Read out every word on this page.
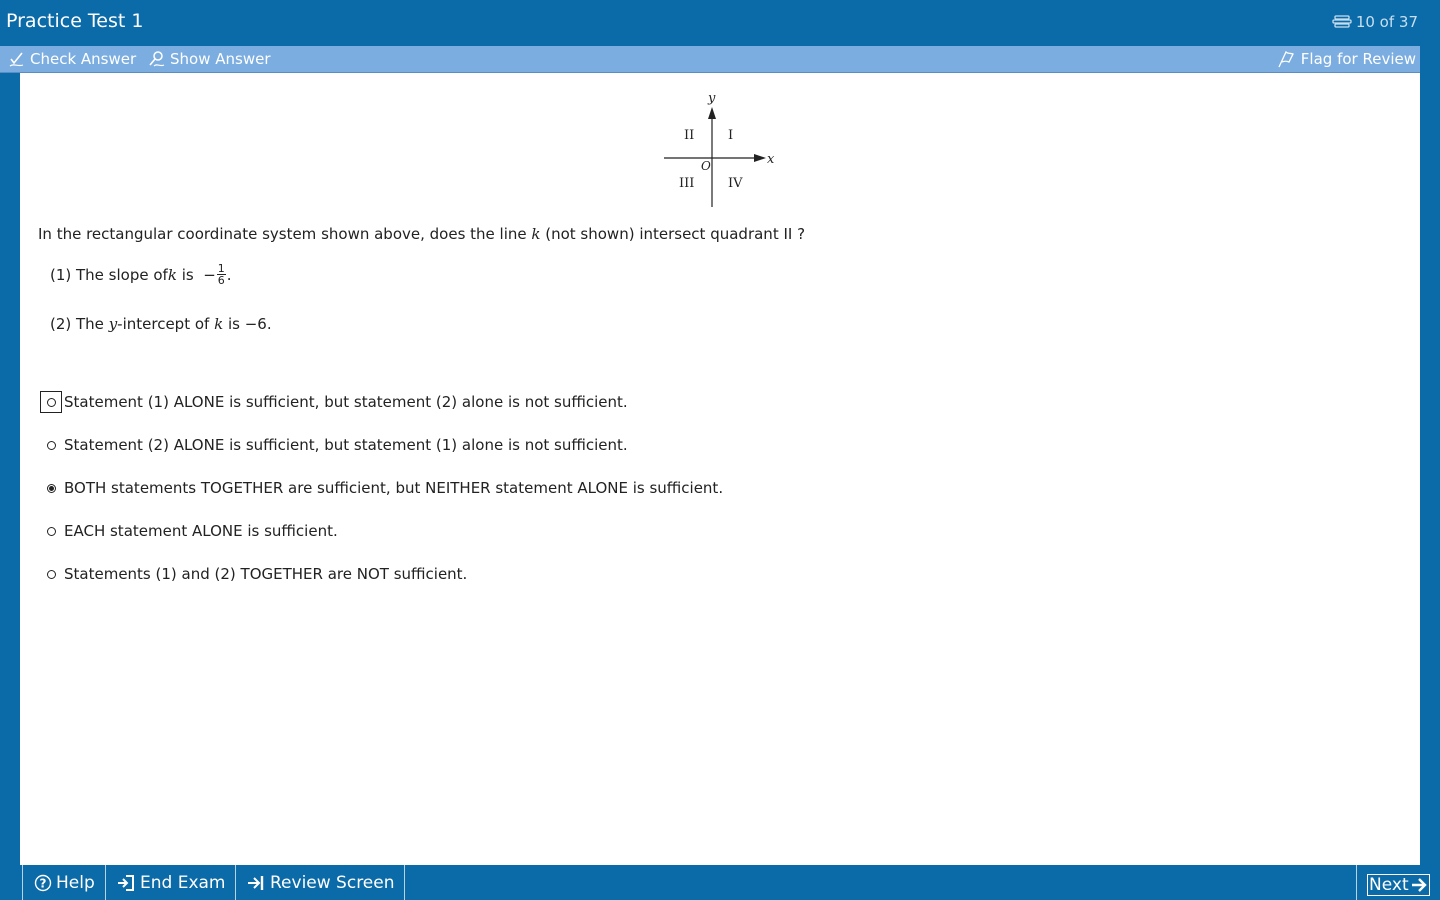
Practice Test 1	10 of 37
Check Answer Show Answer	Flag for Review
y
x
O
I
II
III	IV
In the rectangular coordinate system shown above, does the line k (not shown) intersect quadrant II ?
(1) The slope of k is  − $\frac{1}{6}$ .
(2) The y -intercept of k is −6.
Statement (1) ALONE is sufficient, but statement (2) alone is not sufficient.
Statement (2) ALONE is sufficient, but statement (1) alone is not sufficient.
BOTH statements TOGETHER are sufficient, but NEITHER statement ALONE is sufficient.
EACH statement ALONE is sufficient.
Statements (1) and (2) TOGETHER are NOT sufficient.
? Help	End Exam	Review Screen	Next
